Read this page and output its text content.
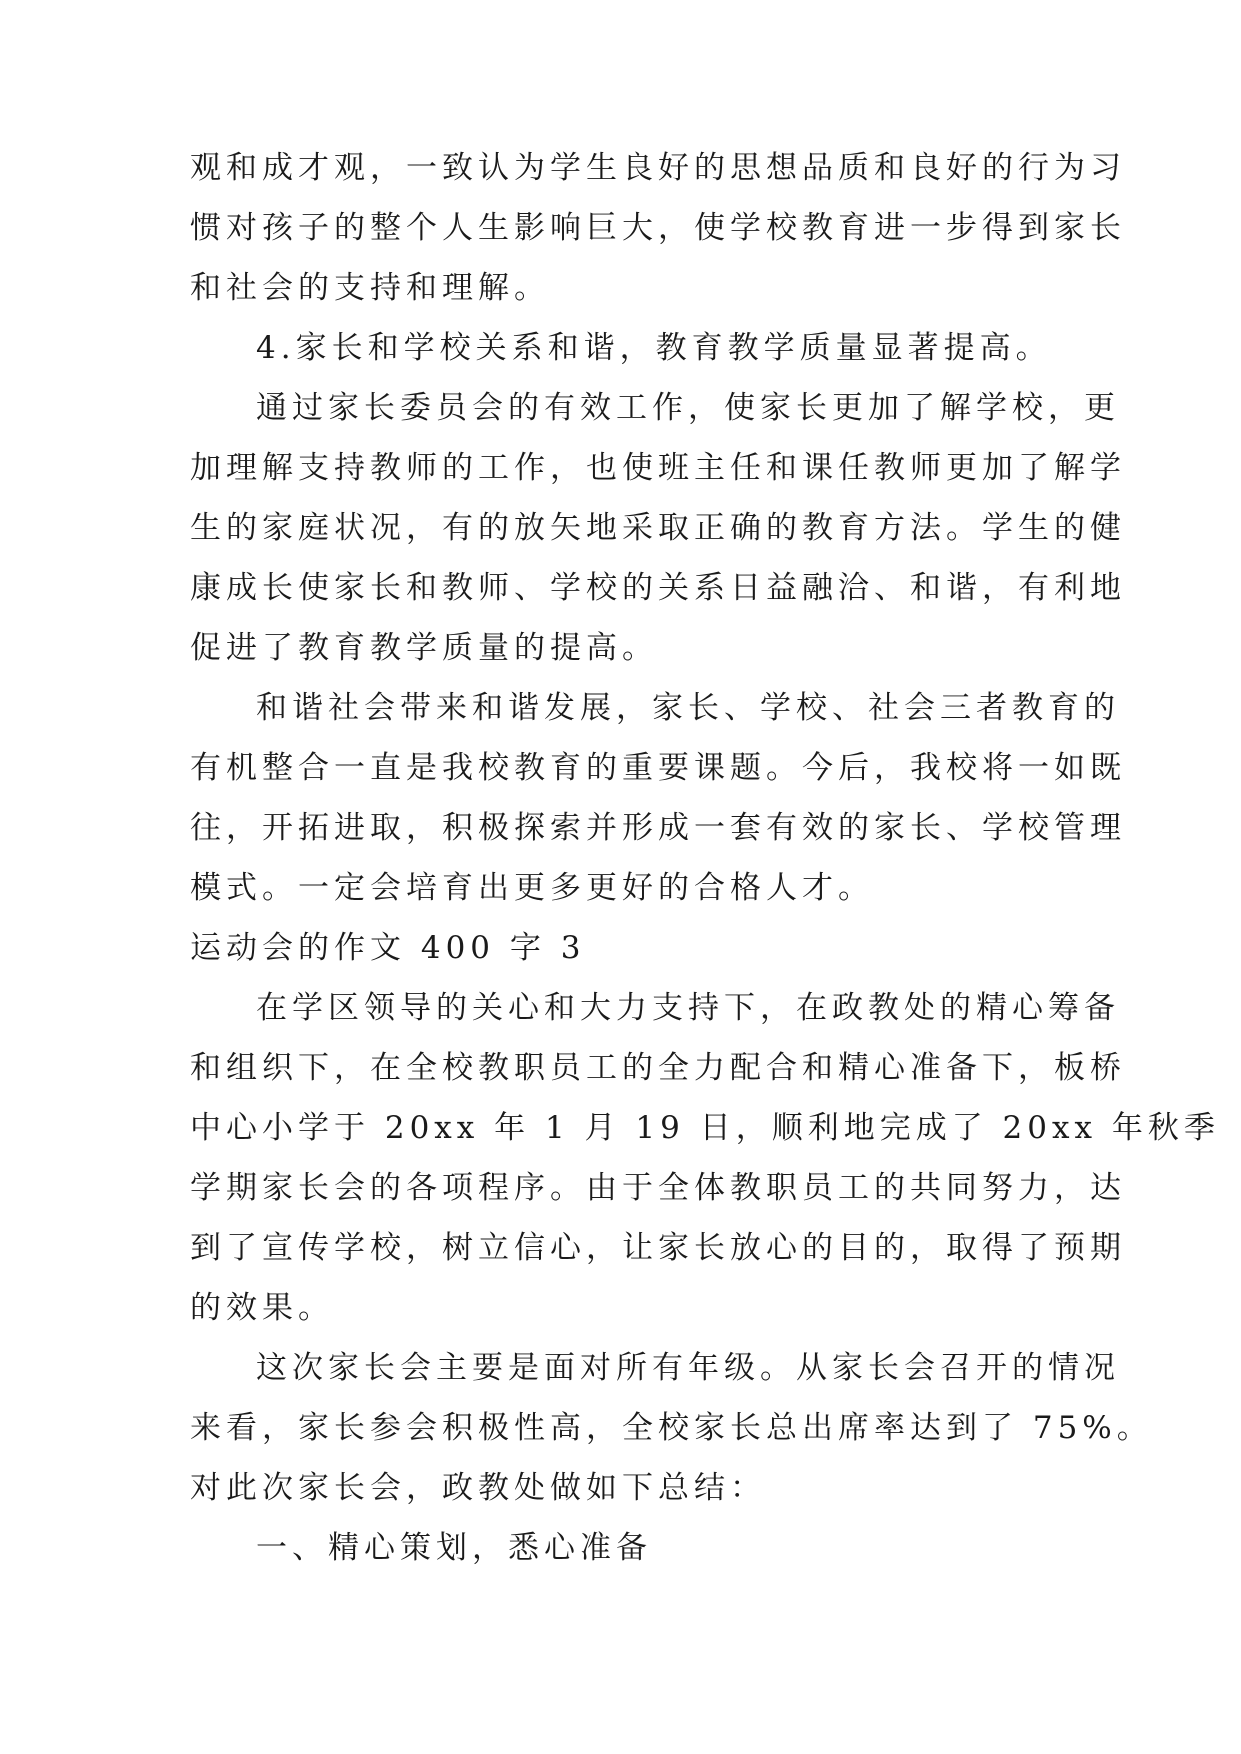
观和成才观，一致认为学生良好的思想品质和良好的行为习
惯对孩子的整个人生影响巨大，使学校教育进一步得到家长
和社会的支持和理解。
4.家长和学校关系和谐，教育教学质量显著提高。
通过家长委员会的有效工作，使家长更加了解学校，更
加理解支持教师的工作，也使班主任和课任教师更加了解学
生的家庭状况，有的放矢地采取正确的教育方法。学生的健
康成长使家长和教师、学校的关系日益融洽、和谐，有利地
促进了教育教学质量的提高。
和谐社会带来和谐发展，家长、学校、社会三者教育的
有机整合一直是我校教育的重要课题。今后，我校将一如既
往，开拓进取，积极探索并形成一套有效的家长、学校管理
模式。一定会培育出更多更好的合格人才。
运动会的作文 400 字 3
在学区领导的关心和大力支持下，在政教处的精心筹备
和组织下，在全校教职员工的全力配合和精心准备下，板桥
中心小学于 20xx 年 1 月 19 日，顺利地完成了 20xx 年秋季
学期家长会的各项程序。由于全体教职员工的共同努力，达
到了宣传学校，树立信心，让家长放心的目的，取得了预期
的效果。
这次家长会主要是面对所有年级。从家长会召开的情况
来看，家长参会积极性高，全校家长总出席率达到了 75%。
对此次家长会，政教处做如下总结：
一、精心策划，悉心准备
